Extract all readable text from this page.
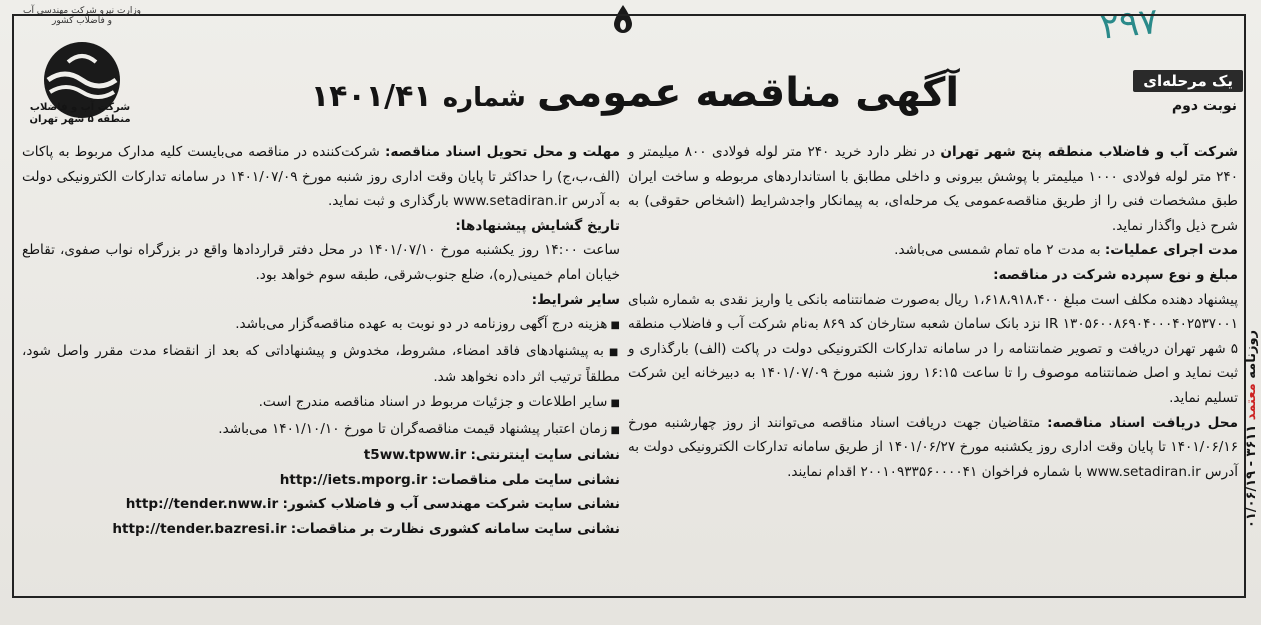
۲۹۷
وزارت نیرو شرکت مهندسی آب و فاضلاب کشور
شرکت آب و فاضلاب
منطقه ۵ شهر تهران
یک مرحله‌ای
نوبت دوم
آگهی مناقصه عمومی شماره ۱۴۰۱/۴۱

شرکت آب و فاضلاب منطقه پنج شهر تهران در نظر دارد خرید ۲۴۰ متر لوله فولادی ۸۰۰ میلیمتر و ۲۴۰ متر لوله فولادی ۱۰۰۰ میلیمتر با پوشش بیرونی و داخلی مطابق با استانداردهای مربوطه و ساخت ایران طبق مشخصات فنی را از طریق مناقصه‌عمومی یک مرحله‌ای، به پیمانکار واجدشرایط (اشخاص حقوقی) به شرح ذیل واگذار نماید.

مدت اجرای عملیات: به مدت ۲ ماه تمام شمسی می‌باشد.

مبلغ و نوع سپرده شرکت در مناقصه:

پیشنهاد دهنده مکلف است مبلغ ۱،۶۱۸،۹۱۸،۴۰۰ ریال به‌صورت ضمانتنامه بانکی یا واریز نقدی به شماره شبای IR ۱۳۰۵۶۰۰۸۶۹۰۴۰۰۰۴۰۲۵۳۷۰۰۱ نزد بانک سامان شعبه ستارخان کد ۸۶۹ به‌نام شرکت آب و فاضلاب منطقه ۵ شهر تهران دریافت و تصویر ضمانتنامه را در سامانه تدارکات الکترونیکی دولت در پاکت (الف) بارگذاری و ثبت نماید و اصل ضمانتنامه موصوف را تا ساعت ۱۶:۱۵ روز شنبه مورخ ۱۴۰۱/۰۷/۰۹ به دبیرخانه این شرکت تسلیم نماید.

محل دریافت اسناد مناقصه: متقاضیان جهت دریافت اسناد مناقصه می‌توانند از روز چهارشنبه مورخ ۱۴۰۱/۰۶/۱۶ تا پایان وقت اداری روز یکشنبه مورخ ۱۴۰۱/۰۶/۲۷ از طریق سامانه تدارکات الکترونیکی دولت به آدرس www.setadiran.ir با شماره فراخوان ۲۰۰۱۰۹۳۳۵۶۰۰۰۰۴۱ اقدام نمایند.

مهلت و محل تحویل اسناد مناقصه: شرکت‌کننده در مناقصه می‌بایست کلیه مدارک مربوط به پاکات (الف،ب،ج) را حداکثر تا پایان وقت اداری روز شنبه مورخ ۱۴۰۱/۰۷/۰۹ در سامانه تدارکات الکترونیکی دولت به آدرس www.setadiran.ir بارگذاری و ثبت نماید.

تاریخ گشایش پیشنهادها:

ساعت ۱۴:۰۰ روز یکشنبه مورخ ۱۴۰۱/۰۷/۱۰ در محل دفتر قراردادها واقع در بزرگراه نواب صفوی، تقاطع خیابان امام خمینی(ره)، ضلع جنوب‌شرقی، طبقه سوم خواهد بود.

سایر شرایط:

■ هزینه درج آگهی روزنامه در دو نوبت به عهده مناقصه‌گزار می‌باشد.

■ به پیشنهادهای فاقد امضاء، مشروط، مخدوش و پیشنهاداتی که بعد از انقضاء مدت مقرر واصل شود، مطلقاً ترتیب اثر داده نخواهد شد.

■ سایر اطلاعات و جزئیات مربوط در اسناد مناقصه مندرج است.

■ زمان اعتبار پیشنهاد قیمت مناقصه‌گران تا مورخ ۱۴۰۱/۱۰/۱۰ می‌باشد.

نشانی سایت اینترنتی: t5ww.tpww.ir
نشانی سایت ملی مناقصات: http://iets.mporg.ir
نشانی سایت شرکت مهندسی آب و فاضلاب کشور: http://tender.nww.ir
نشانی سایت سامانه کشوری نظارت بر مناقصات: http://tender.bazresi.ir
روزنامه معتمد ۳۶۱۱ - ۰۱/۰۶/۱۹
